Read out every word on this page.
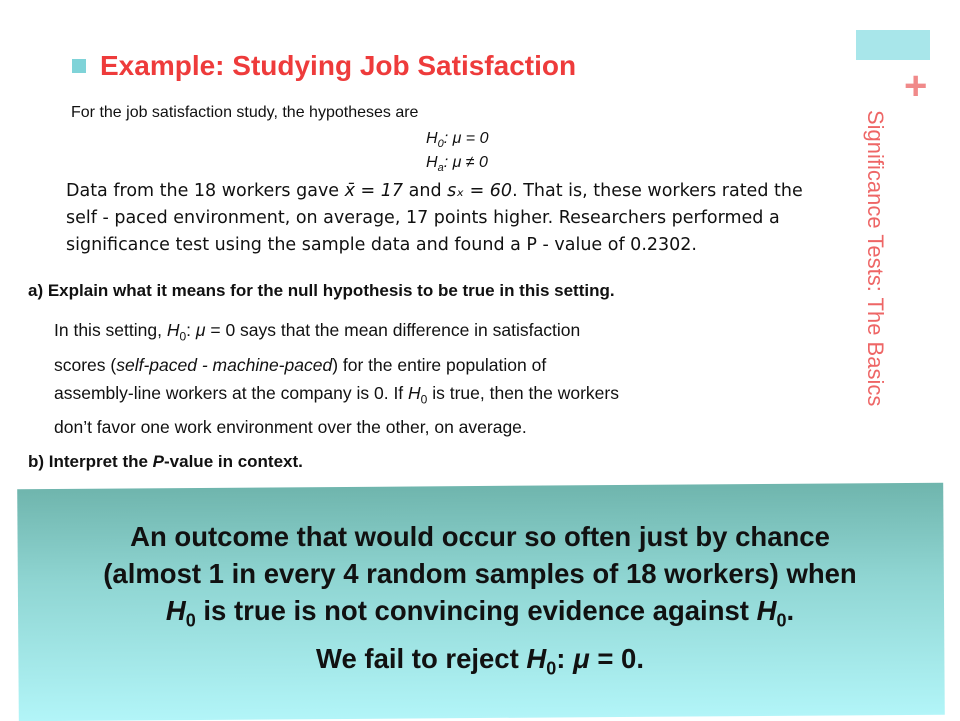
+
Significance Tests: The Basics
Example: Studying Job Satisfaction
For the job satisfaction study, the hypotheses are
$H_0$: μ = 0
$H_a$: μ ≠ 0
Data from the 18 workers gave x̄ = 17 and sₓ = 60. That is, these workers rated the
self - paced environment, on average, 17 points higher. Researchers performed a
significance test using the sample data and found a P - value of 0.2302.
a) Explain what it means for the null hypothesis to be true in this setting.
In this setting, $H_0$: μ = 0 says that the mean difference in satisfaction
scores (self-paced - machine-paced) for the entire population of
assembly-line workers at the company is 0. If $H_0$ is true, then the workers
don’t favor one work environment over the other, on average.
b) Interpret the P-value in context.
An outcome that would occur so often just by chance
(almost 1 in every 4 random samples of 18 workers) when
$H_0$ is true is not convincing evidence against $H_0$.
We fail to reject $H_0$: μ = 0.
